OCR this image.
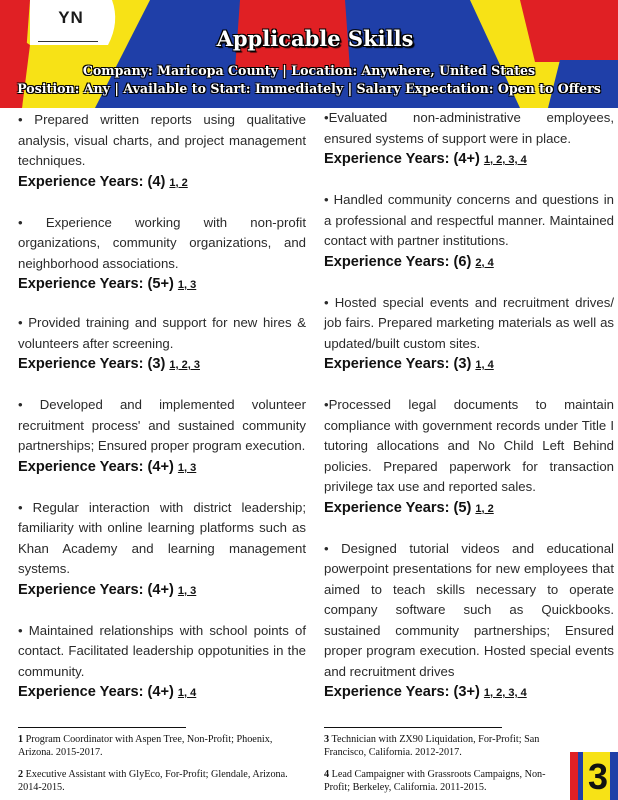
YN
Applicable Skills
Company: Maricopa County | Location: Anywhere, United States
Position: Any | Available to Start: Immediately | Salary Expectation: Open to Offers

• Prepared written reports using qualitative analysis, visual charts, and project management techniques.

Experience Years: (4) 1, 2

• Experience working with non-profit organizations, community organizations, and neighborhood associations.

Experience Years: (5+) 1, 3

• Provided training and support for new hires & volunteers after screening.

Experience Years: (3) 1, 2, 3

• Developed and implemented volunteer recruitment process' and sustained community partnerships; Ensured proper program execution.

Experience Years: (4+) 1, 3

• Regular interaction with district leadership; familiarity with online learning platforms such as Khan Academy and learning management systems.

Experience Years: (4+) 1, 3

• Maintained relationships with school points of contact. Facilitated leadership oppotunities in the community.

Experience Years: (4+) 1, 4

•Evaluated non-administrative employees, ensured systems of support were in place.

Experience Years: (4+) 1, 2, 3, 4

• Handled community concerns and questions in a professional and respectful manner. Maintained contact with partner institutions.

Experience Years: (6) 2, 4

• Hosted special events and recruitment drives/ job fairs. Prepared marketing materials as well as updated/built custom sites.

Experience Years: (3) 1, 4

•Processed legal documents to maintain compliance with government records under Title I tutoring allocations and No Child Left Behind policies. Prepared paperwork for transaction privilege tax use and reported sales.

Experience Years: (5) 1, 2

• Designed tutorial videos and educational powerpoint presentations for new employees that aimed to teach skills necessary to operate company software such as Quickbooks. sustained community partnerships; Ensured proper program execution. Hosted special events and recruitment drives

Experience Years: (3+) 1, 2, 3, 4
1 Program Coordinator with Aspen Tree, Non-Profit; Phoenix, Arizona. 2015-2017.
2 Executive Assistant with GlyEco, For-Profit; Glendale, Arizona. 2014-2015.
3 Technician with ZX90 Liquidation, For-Profit; San Francisco, California. 2012-2017.
4 Lead Campaigner with Grassroots Campaigns, Non-Profit; Berkeley, California. 2011-2015.	3
